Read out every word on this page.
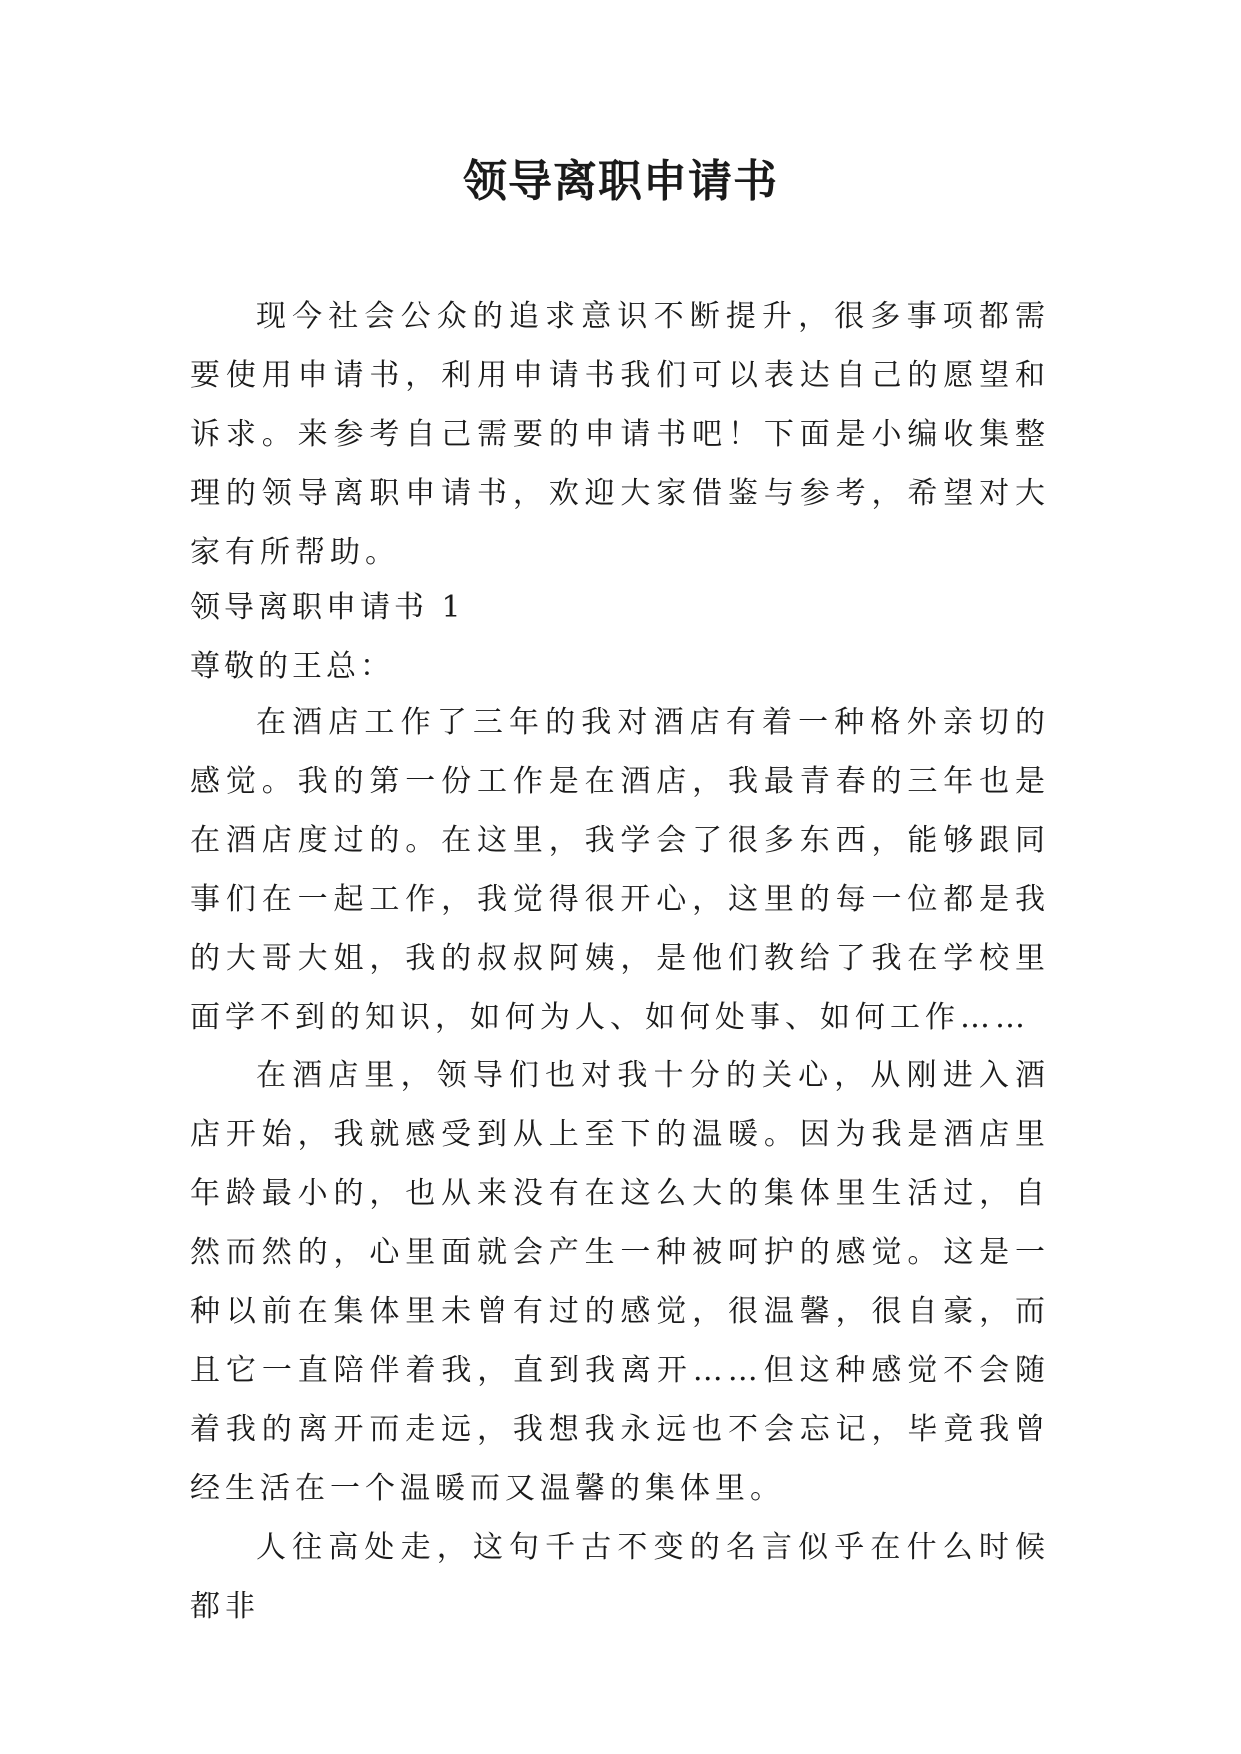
领导离职申请书

现今社会公众的追求意识不断提升，很多事项都需要使用申请书，利用申请书我们可以表达自己的愿望和诉求。来参考自己需要的申请书吧！下面是小编收集整理的领导离职申请书，欢迎大家借鉴与参考，希望对大家有所帮助。

领导离职申请书 1
尊敬的王总：

在酒店工作了三年的我对酒店有着一种格外亲切的感觉。我的第一份工作是在酒店，我最青春的三年也是在酒店度过的。在这里，我学会了很多东西，能够跟同事们在一起工作，我觉得很开心，这里的每一位都是我的大哥大姐，我的叔叔阿姨，是他们教给了我在学校里面学不到的知识，如何为人、如何处事、如何工作……

在酒店里，领导们也对我十分的关心，从刚进入酒店开始，我就感受到从上至下的温暖。因为我是酒店里年龄最小的，也从来没有在这么大的集体里生活过，自然而然的，心里面就会产生一种被呵护的感觉。这是一种以前在集体里未曾有过的感觉，很温馨，很自豪，而且它一直陪伴着我，直到我离开……但这种感觉不会随着我的离开而走远，我想我永远也不会忘记，毕竟我曾经生活在一个温暖而又温馨的集体里。

人往高处走，这句千古不变的名言似乎在什么时候都非
